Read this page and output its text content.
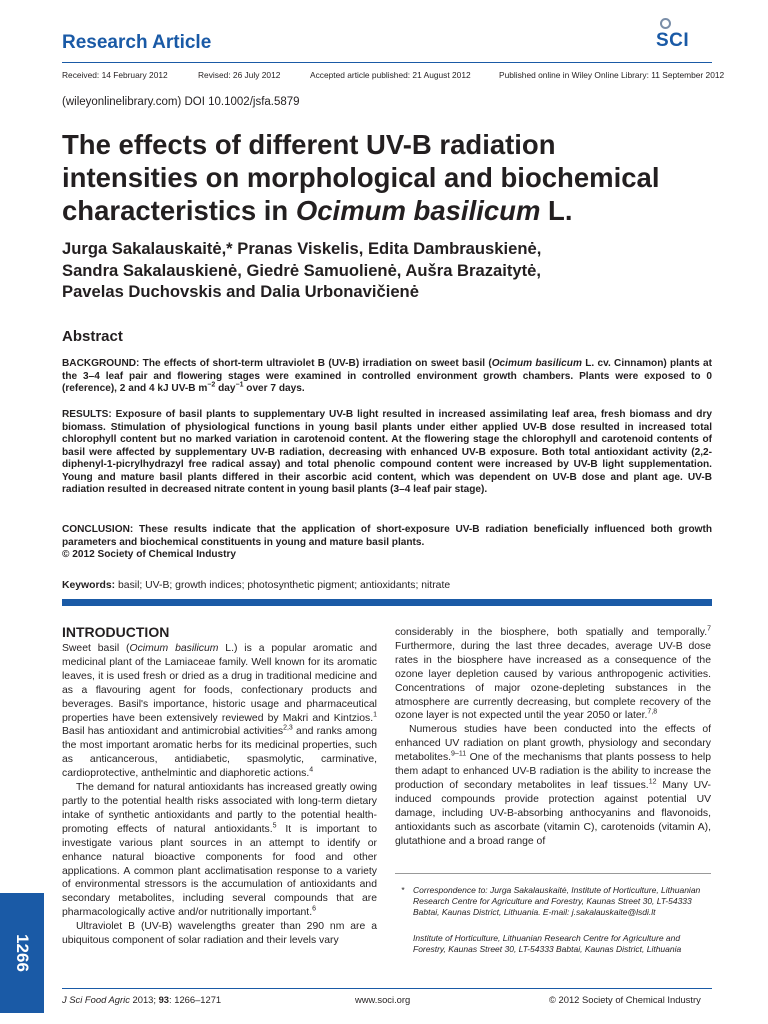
Research Article	SCI
Received: 14 February 2012	Revised: 26 July 2012	Accepted article published: 21 August 2012	Published online in Wiley Online Library: 11 September 2012
(wileyonlinelibrary.com) DOI 10.1002/jsfa.5879
The effects of different UV-B radiation
intensities on morphological and biochemical
characteristics in Ocimum basilicum L.
Jurga Sakalauskaitė,* Pranas Viskelis, Edita Dambrauskienė,
Sandra Sakalauskienė, Giedrė Samuolienė, Aušra Brazaitytė,
Pavelas Duchovskis and Dalia Urbonavičienė
Abstract
BACKGROUND: The effects of short-term ultraviolet B (UV-B) irradiation on sweet basil (Ocimum basilicum L. cv. Cinnamon) plants at the 3–4 leaf pair and flowering stages were examined in controlled environment growth chambers. Plants were exposed to 0 (reference), 2 and 4 kJ UV-B $m^{-2}$ day$^{-1}$ over 7 days.
RESULTS: Exposure of basil plants to supplementary UV-B light resulted in increased assimilating leaf area, fresh biomass and dry biomass. Stimulation of physiological functions in young basil plants under either applied UV-B dose resulted in increased total chlorophyll content but no marked variation in carotenoid content. At the flowering stage the chlorophyll and carotenoid contents of basil were affected by supplementary UV-B radiation, decreasing with enhanced UV-B exposure. Both total antioxidant activity (2,2-diphenyl-1-picrylhydrazyl free radical assay) and total phenolic compound content were increased by UV-B light supplementation. Young and mature basil plants differed in their ascorbic acid content, which was dependent on UV-B dose and plant age. UV-B radiation resulted in decreased nitrate content in young basil plants (3–4 leaf pair stage).
CONCLUSION: These results indicate that the application of short-exposure UV-B radiation beneficially influenced both growth parameters and biochemical constituents in young and mature basil plants.
© 2012 Society of Chemical Industry
Keywords: basil; UV-B; growth indices; photosynthetic pigment; antioxidants; nitrate
INTRODUCTION

Sweet basil (Ocimum basilicum L.) is a popular aromatic and medicinal plant of the Lamiaceae family. Well known for its aromatic leaves, it is used fresh or dried as a drug in traditional medicine and as a flavouring agent for foods, confectionary products and beverages. Basil's importance, historic usage and pharmaceutical properties have been extensively reviewed by Makri and Kintzios.$^1$ Basil has antioxidant and antimicrobial activities$^{2,3}$ and ranks among the most important aromatic herbs for its medicinal properties, such as anticancerous, antidiabetic, spasmolytic, carminative, cardioprotective, anthelmintic and diaphoretic actions.$^4$

The demand for natural antioxidants has increased greatly owing partly to the potential health risks associated with long-term dietary intake of synthetic antioxidants and partly to the potential health-promoting effects of natural antioxidants.$^5$ It is important to investigate various plant sources in an attempt to identify or enhance natural bioactive components for food and other applications. A common plant acclimatisation response to a variety of environmental stressors is the accumulation of antioxidants and secondary metabolites, including several compounds that are pharmacologically active and/or nutritionally important.$^6$

Ultraviolet B (UV-B) wavelengths greater than 290 nm are a ubiquitous component of solar radiation and their levels vary

considerably in the biosphere, both spatially and temporally.$^7$ Furthermore, during the last three decades, average UV-B dose rates in the biosphere have increased as a consequence of the ozone layer depletion caused by various anthropogenic activities. Concentrations of major ozone-depleting substances in the atmosphere are currently decreasing, but complete recovery of the ozone layer is not expected until the year 2050 or later.$^{7,8}$

Numerous studies have been conducted into the effects of enhanced UV radiation on plant growth, physiology and secondary metabolites.$^{9-11}$ One of the mechanisms that plants possess to help them adapt to enhanced UV-B radiation is the ability to increase the production of secondary metabolites in leaf tissues.$^{12}$ Many UV-induced compounds provide protection against potential UV damage, including UV-B-absorbing anthocyanins and flavonoids, antioxidants such as ascorbate (vitamin C), carotenoids (vitamin A), glutathione and a broad range of

* Correspondence to: Jurga Sakalauskaitė, Institute of Horticulture, Lithuanian Research Centre for Agriculture and Forestry, Kaunas Street 30, LT-54333 Babtai, Kaunas District, Lithuania. E-mail: j.sakalauskaite@lsdi.lt
Institute of Horticulture, Lithuanian Research Centre for Agriculture and Forestry, Kaunas Street 30, LT-54333 Babtai, Kaunas District, Lithuania
1266
J Sci Food Agric 2013; 93: 1266–1271	www.soci.org	© 2012 Society of Chemical Industry
